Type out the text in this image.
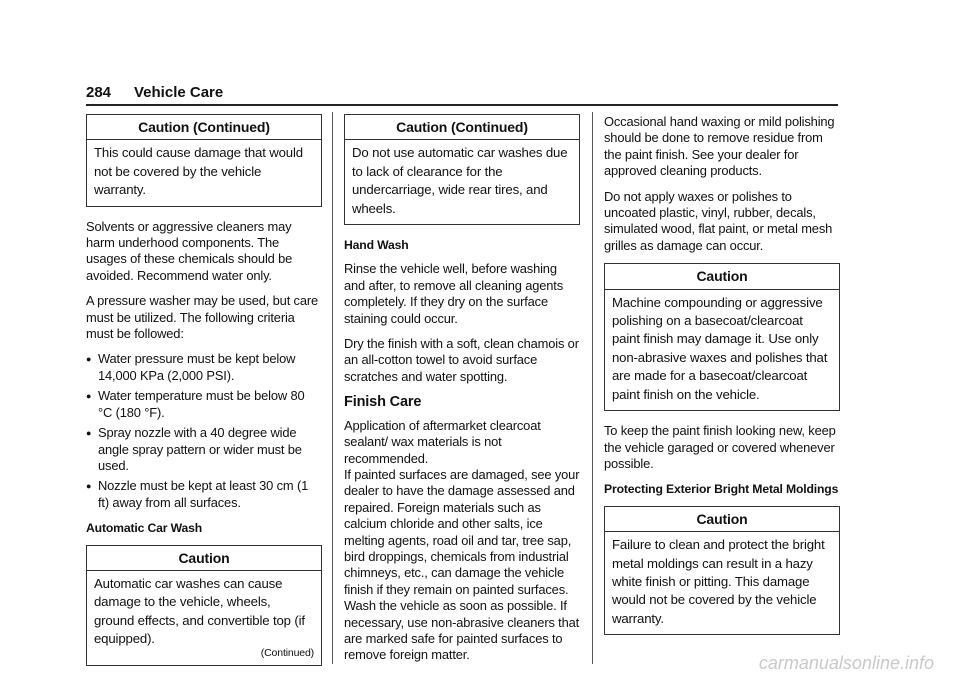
284 Vehicle Care
Caution (Continued)
This could cause damage that would not be covered by the vehicle warranty.

Solvents or aggressive cleaners may harm underhood components. The usages of these chemicals should be avoided. Recommend water only.

A pressure washer may be used, but care must be utilized. The following criteria must be followed:

● Water pressure must be kept below 14,000 KPa (2,000 PSI).
● Water temperature must be below 80 °C (180 °F).
● Spray nozzle with a 40 degree wide angle spray pattern or wider must be used.
● Nozzle must be kept at least 30 cm (1 ft) away from all surfaces.
Automatic Car Wash
Caution
Automatic car washes can cause damage to the vehicle, wheels, ground effects, and convertible top (if equipped).
(Continued)
Caution (Continued)
Do not use automatic car washes due to lack of clearance for the undercarriage, wide rear tires, and wheels.
Hand Wash

Rinse the vehicle well, before washing and after, to remove all cleaning agents completely. If they dry on the surface staining could occur.

Dry the finish with a soft, clean chamois or an all-cotton towel to avoid surface scratches and water spotting.

Finish Care

Application of aftermarket clearcoat sealant/ wax materials is not recommended.

If painted surfaces are damaged, see your dealer to have the damage assessed and repaired. Foreign materials such as calcium chloride and other salts, ice melting agents, road oil and tar, tree sap, bird droppings, chemicals from industrial chimneys, etc., can damage the vehicle finish if they remain on painted surfaces. Wash the vehicle as soon as possible. If necessary, use non-abrasive cleaners that are marked safe for painted surfaces to remove foreign matter.

Occasional hand waxing or mild polishing should be done to remove residue from the paint finish. See your dealer for approved cleaning products.

Do not apply waxes or polishes to uncoated plastic, vinyl, rubber, decals, simulated wood, flat paint, or metal mesh grilles as damage can occur.

Caution
Machine compounding or aggressive polishing on a basecoat/clearcoat paint finish may damage it. Use only non-abrasive waxes and polishes that are made for a basecoat/clearcoat paint finish on the vehicle.

To keep the paint finish looking new, keep the vehicle garaged or covered whenever possible.

Protecting Exterior Bright Metal Moldings
Caution
Failure to clean and protect the bright metal moldings can result in a hazy white finish or pitting. This damage would not be covered by the vehicle warranty.
carmanualsonline.info
